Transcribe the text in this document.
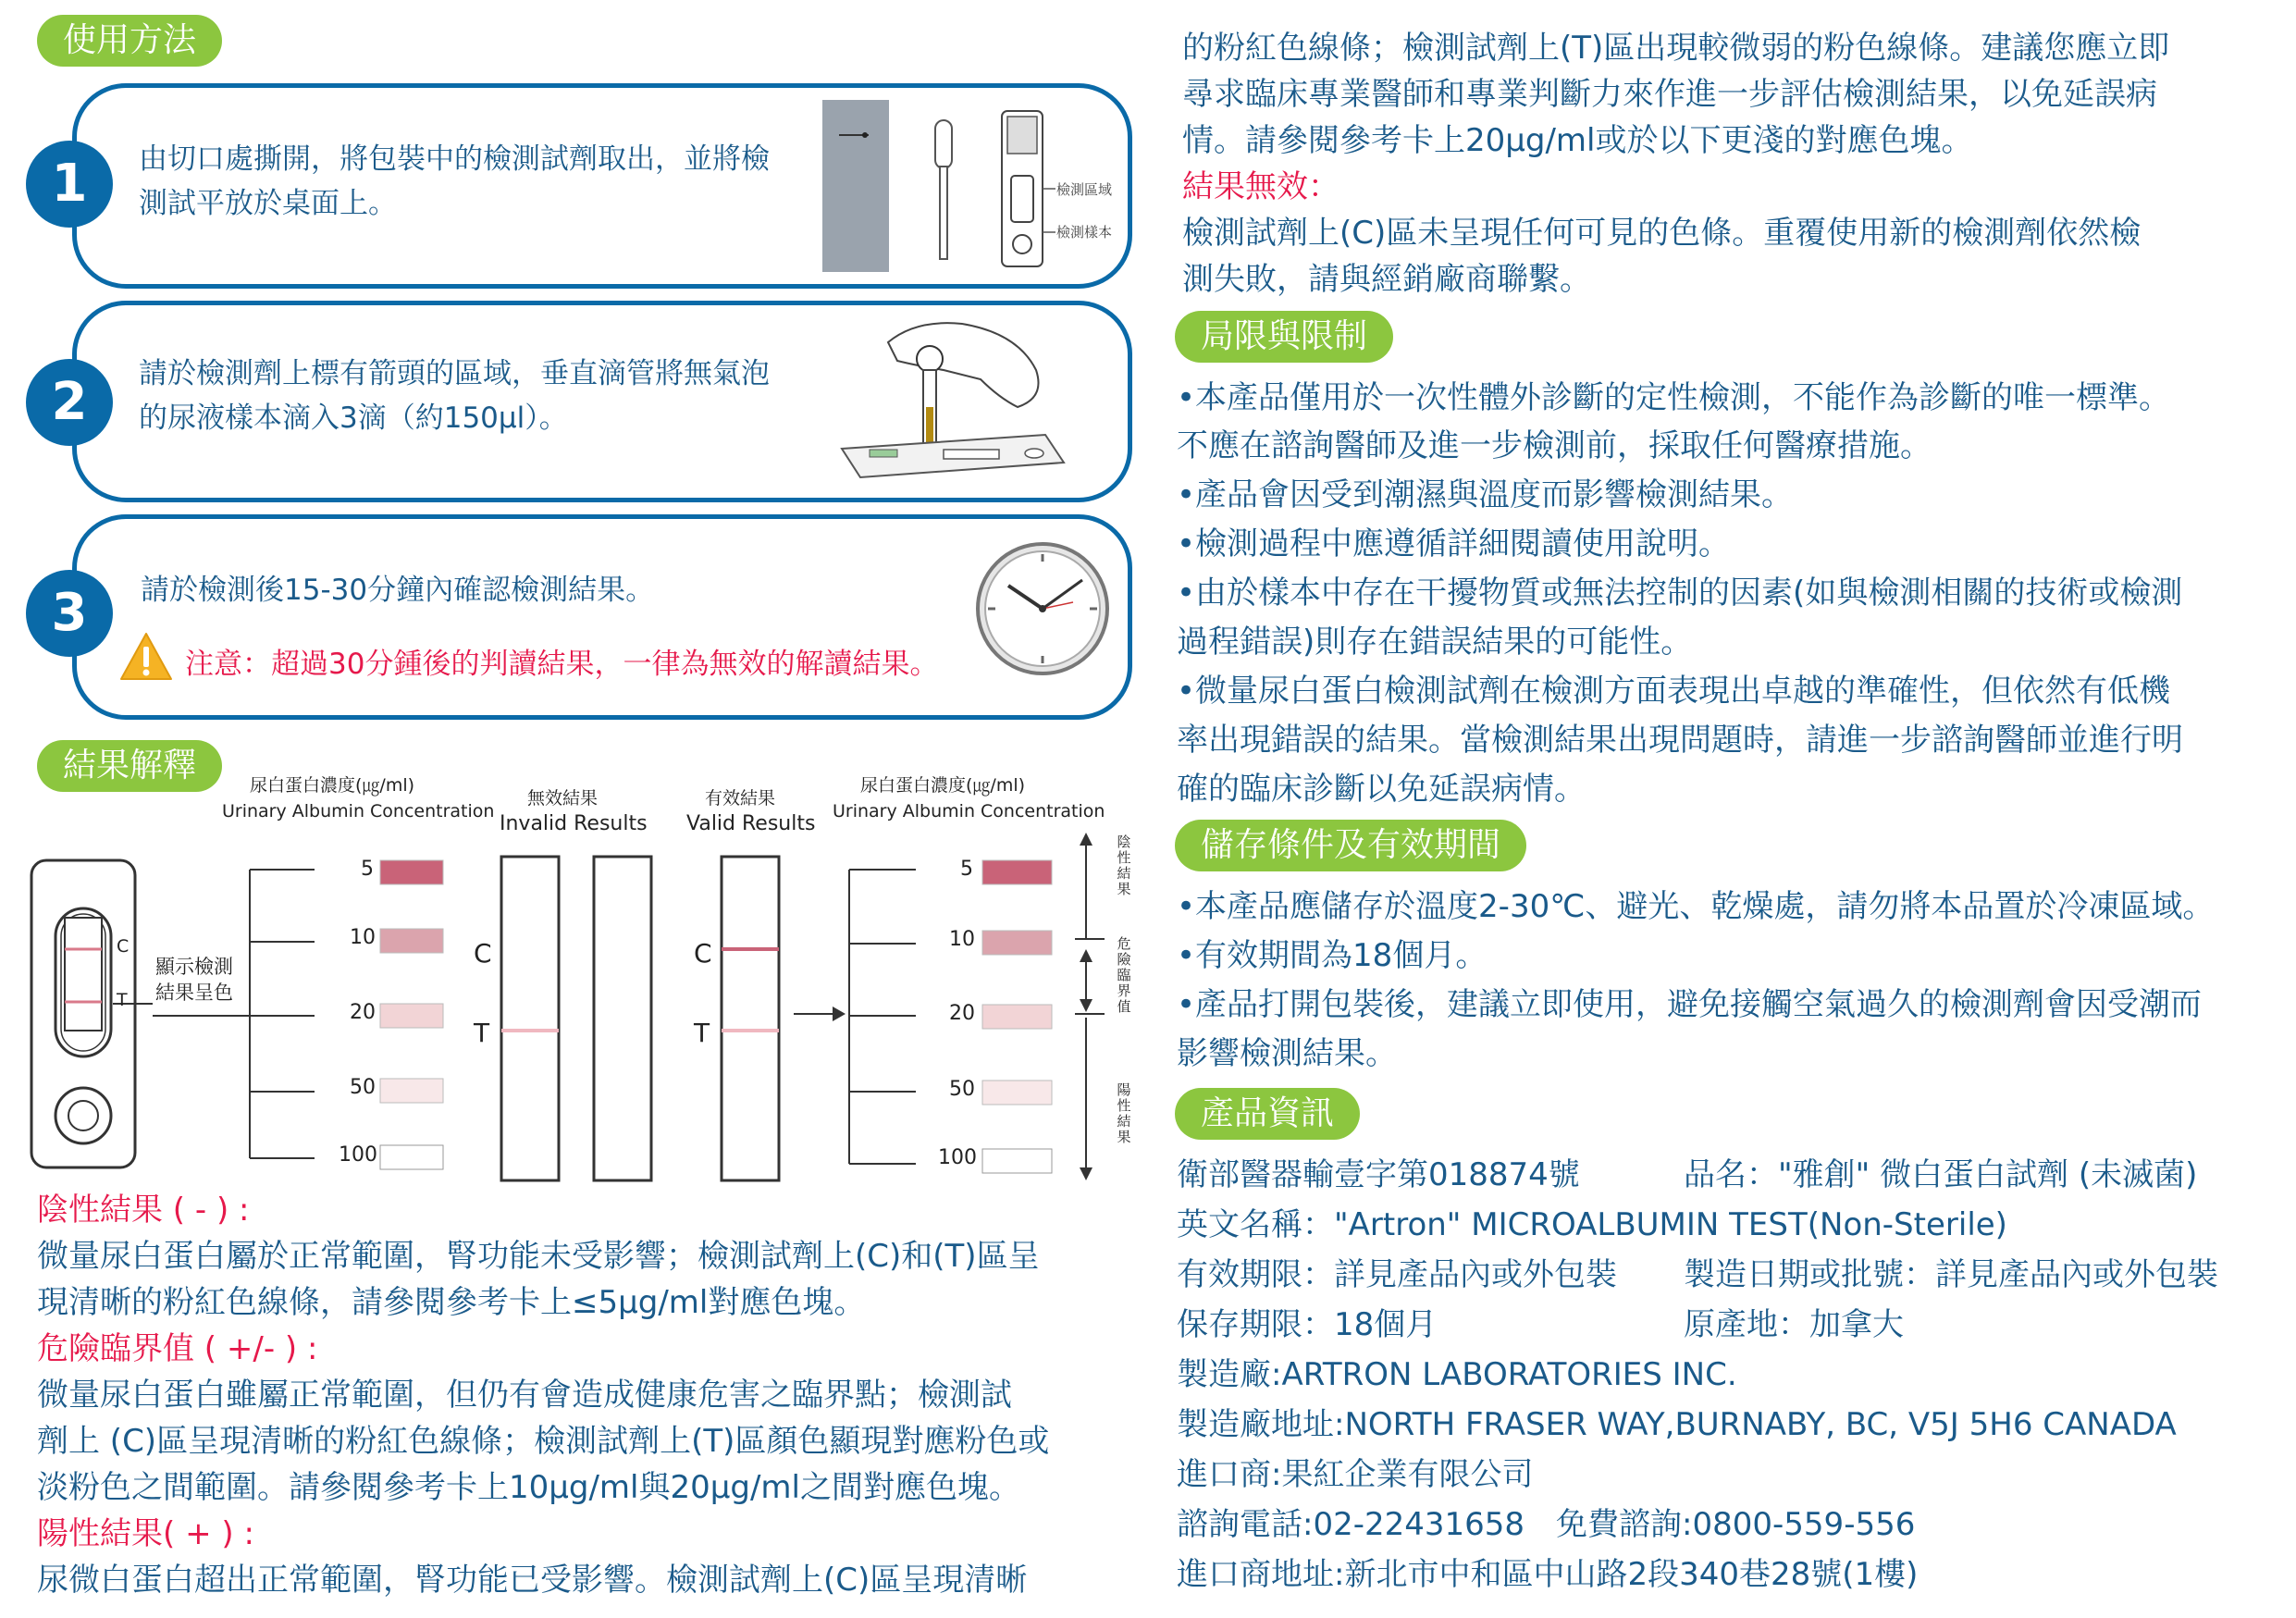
使用方法
1	由切口處撕開，將包裝中的檢測試劑取出，並將檢
測試平放於桌面上。	檢測區域
檢測樣本
2	請於檢測劑上標有箭頭的區域，垂直滴管將無氣泡
的尿液樣本滴入3滴（約150μl）。
3	請於檢測後15-30分鐘內確認檢測結果。
注意：超過30分鍾後的判讀結果，一律為無效的解讀結果。
結果解釋
尿白蛋白濃度(㎍/ml)
Urinary Albumin Concentration
無效結果
Invalid Results
有效結果
Valid Results
尿白蛋白濃度(㎍/ml)
Urinary Albumin Concentration
顯示檢測
結果呈色
C
T
5
10
20
50
100
C
T
C
T
5
10
20
50
100
陰
性
結
果
危
險
臨
界
值
陽
性
結
果
陰性結果 ( - ) :
微量尿白蛋白屬於正常範圍，腎功能未受影響；檢測試劑上(C)和(T)區呈
現清晰的粉紅色線條，請參閱參考卡上≤5μg/ml對應色塊。
危險臨界值 ( +/- ) :
微量尿白蛋白雖屬正常範圍，但仍有會造成健康危害之臨界點；檢測試
劑上 (C)區呈現清晰的粉紅色線條；檢測試劑上(T)區顏色顯現對應粉色或
淡粉色之間範圍。請參閱參考卡上10μg/ml與20μg/ml之間對應色塊。
陽性結果( + ) :
尿微白蛋白超出正常範圍，腎功能已受影響。檢測試劑上(C)區呈現清晰
的粉紅色線條；檢測試劑上(T)區出現較微弱的粉色線條。建議您應立即
尋求臨床專業醫師和專業判斷力來作進一步評估檢測結果，以免延誤病
情。請參閱參考卡上20μg/ml或於以下更淺的對應色塊。
結果無效：
檢測試劑上(C)區未呈現任何可見的色條。重覆使用新的檢測劑依然檢
測失敗，請與經銷廠商聯繫。
局限與限制
•本產品僅用於一次性體外診斷的定性檢測，不能作為診斷的唯一標準。
不應在諮詢醫師及進一步檢測前，採取任何醫療措施。
•產品會因受到潮濕與溫度而影響檢測結果。
•檢測過程中應遵循詳細閱讀使用說明。
•由於樣本中存在干擾物質或無法控制的因素(如與檢測相關的技術或檢測
過程錯誤)則存在錯誤結果的可能性。
•微量尿白蛋白檢測試劑在檢測方面表現出卓越的準確性，但依然有低機
率出現錯誤的結果。當檢測結果出現問題時，請進一步諮詢醫師並進行明
確的臨床診斷以免延誤病情。
儲存條件及有效期間
•本產品應儲存於溫度2-30℃、避光、乾燥處，請勿將本品置於冷凍區域。
•有效期間為18個月。
•產品打開包裝後，建議立即使用，避免接觸空氣過久的檢測劑會因受潮而
影響檢測結果。
產品資訊
衛部醫器輸壹字第018874號	品名："雅創" 微白蛋白試劑 (未滅菌)
英文名稱："Artron" MICROALBUMIN TEST(Non-Sterile)
有效期限：詳見產品內或外包裝 製造日期或批號：詳見產品內或外包裝
保存期限：18個月	原產地：加拿大
製造廠:ARTRON LABORATORIES INC.
製造廠地址:NORTH FRASER WAY,BURNABY, BC, V5J 5H6 CANADA
進口商:果紅企業有限公司
諮詢電話:02-22431658　免費諮詢:0800-559-556
進口商地址:新北市中和區中山路2段340巷28號(1樓)
